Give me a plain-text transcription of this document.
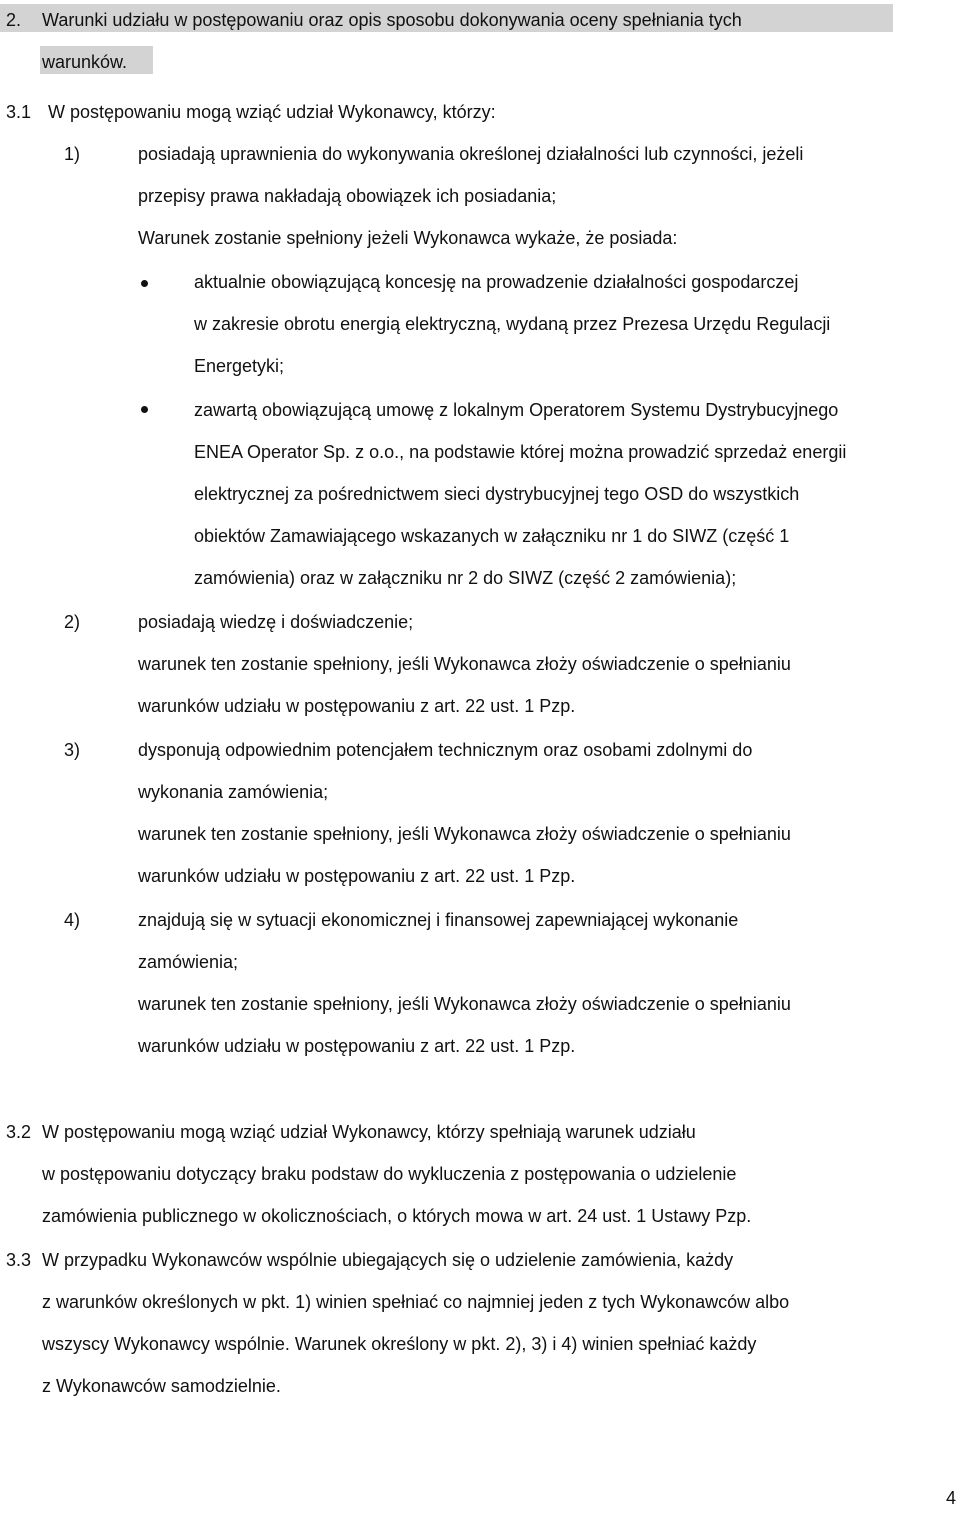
2. Warunki udziału w postępowaniu oraz opis sposobu dokonywania oceny spełniania tych
warunków.
3.1 W postępowaniu mogą wziąć udział Wykonawcy, którzy:
1)	posiadają uprawnienia do wykonywania określonej działalności lub czynności, jeżeli
przepisy prawa nakładają obowiązek ich posiadania;
Warunek zostanie spełniony jeżeli Wykonawca wykaże, że posiada:
aktualnie obowiązującą koncesję na prowadzenie działalności gospodarczej
w zakresie obrotu energią elektryczną, wydaną przez Prezesa Urzędu Regulacji
Energetyki;
zawartą obowiązującą umowę z lokalnym Operatorem Systemu Dystrybucyjnego
ENEA Operator Sp. z o.o., na podstawie której można prowadzić sprzedaż energii
elektrycznej za pośrednictwem sieci dystrybucyjnej tego OSD do wszystkich
obiektów Zamawiającego wskazanych w załączniku nr 1 do SIWZ (część 1
zamówienia) oraz w załączniku nr 2 do SIWZ (część 2 zamówienia);
2)	posiadają wiedzę i doświadczenie;
warunek ten zostanie spełniony, jeśli Wykonawca złoży oświadczenie o spełnianiu
warunków udziału w postępowaniu z art. 22 ust. 1 Pzp.
3)	dysponują odpowiednim potencjałem technicznym oraz osobami zdolnymi do
wykonania zamówienia;
warunek ten zostanie spełniony, jeśli Wykonawca złoży oświadczenie o spełnianiu
warunków udziału w postępowaniu z art. 22 ust. 1 Pzp.
4)	znajdują się w sytuacji ekonomicznej i finansowej zapewniającej wykonanie
zamówienia;
warunek ten zostanie spełniony, jeśli Wykonawca złoży oświadczenie o spełnianiu
warunków udziału w postępowaniu z art. 22 ust. 1 Pzp.
3.2 W postępowaniu mogą wziąć udział Wykonawcy, którzy spełniają warunek udziału
w postępowaniu dotyczący braku podstaw do wykluczenia z postępowania o udzielenie
zamówienia publicznego w okolicznościach, o których mowa w art. 24 ust. 1 Ustawy Pzp.
3.3 W przypadku Wykonawców wspólnie ubiegających się o udzielenie zamówienia, każdy
z warunków określonych w pkt. 1) winien spełniać co najmniej jeden z tych Wykonawców albo
wszyscy Wykonawcy wspólnie. Warunek określony w pkt. 2), 3) i 4) winien spełniać każdy
z Wykonawców samodzielnie.
4
